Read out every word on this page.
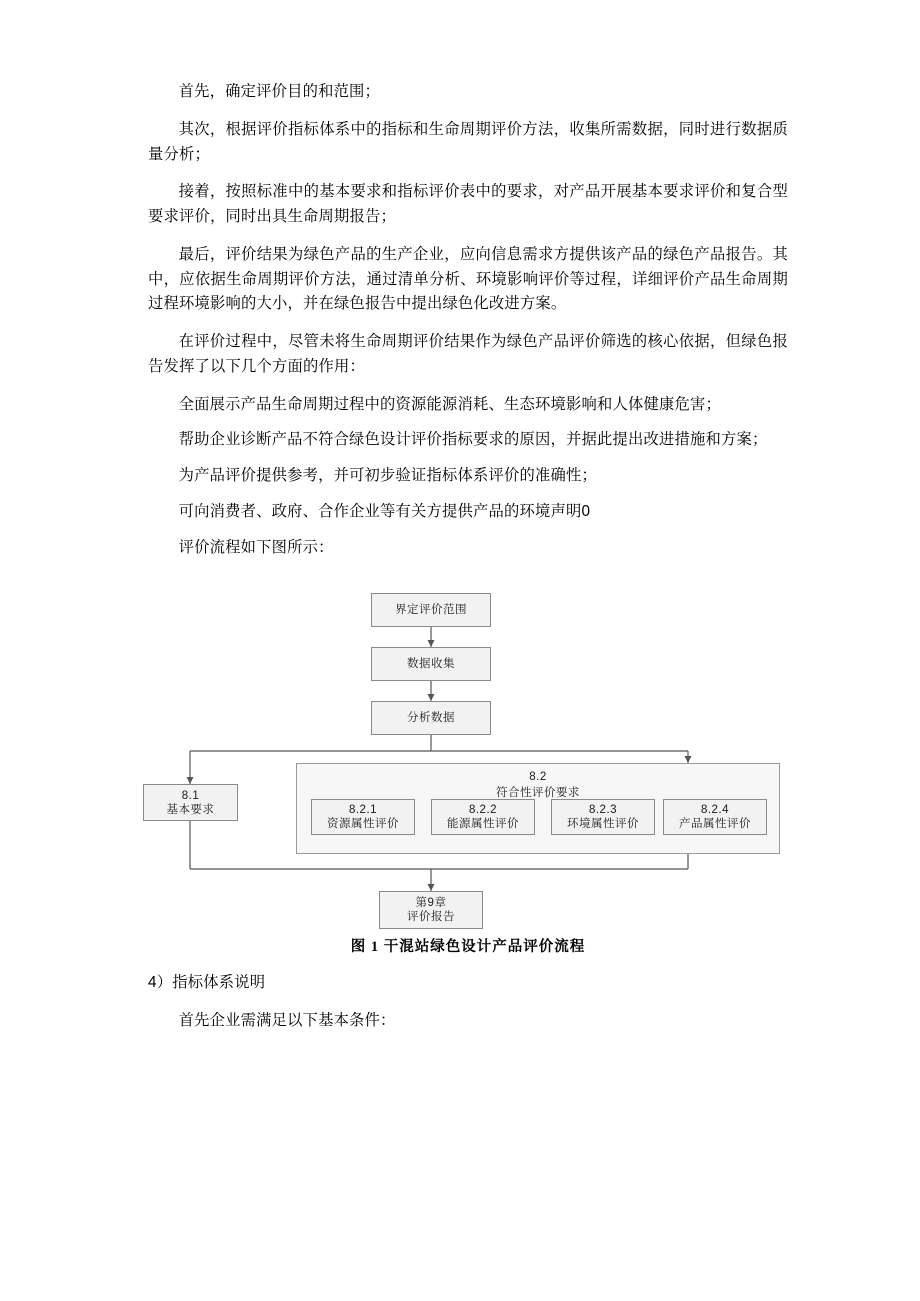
首先，确定评价目的和范围；

其次，根据评价指标体系中的指标和生命周期评价方法，收集所需数据，同时进行数据质量分析；

接着，按照标准中的基本要求和指标评价表中的要求，对产品开展基本要求评价和复合型要求评价，同时出具生命周期报告；

最后，评价结果为绿色产品的生产企业，应向信息需求方提供该产品的绿色产品报告。其中，应依据生命周期评价方法，通过清单分析、环境影响评价等过程，详细评价产品生命周期过程环境影响的大小，并在绿色报告中提出绿色化改进方案。

在评价过程中，尽管未将生命周期评价结果作为绿色产品评价筛选的核心依据，但绿色报告发挥了以下几个方面的作用：

全面展示产品生命周期过程中的资源能源消耗、生态环境影响和人体健康危害；

帮助企业诊断产品不符合绿色设计评价指标要求的原因，并据此提出改进措施和方案；

为产品评价提供参考，并可初步验证指标体系评价的准确性；

可向消费者、政府、合作企业等有关方提供产品的环境声明0

评价流程如下图所示：

界定评价范围
数据收集
分析数据
8.1
基本要求
8.2
符合性评价要求
8.2.1
资源属性评价
8.2.2
能源属性评价
8.2.3
环境属性评价
8.2.4
产品属性评价
第9章
评价报告
图 1 干混站绿色设计产品评价流程

4）指标体系说明

首先企业需满足以下基本条件：
